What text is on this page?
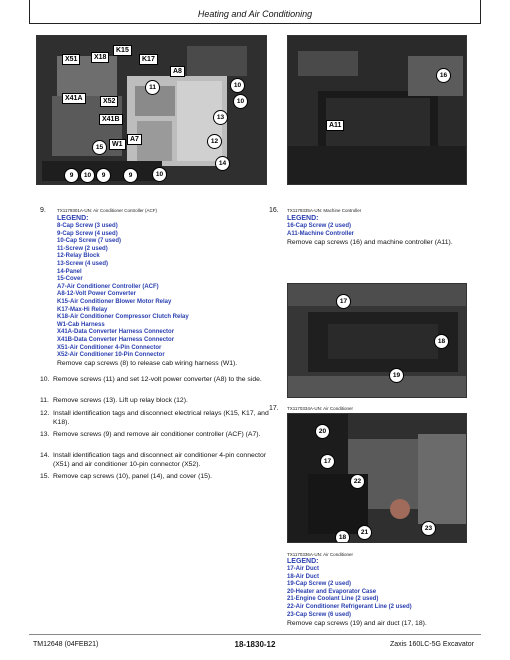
Heating and Air Conditioning
X51	X18
K15
K17
A8
X41A	X52
X41B
W1
A7
11	10
10
13
12
15
14
9	10	9	9	10
9. TX1179301A-UN: Air Conditioner Controller (ACF)
LEGEND:
8-Cap Screw (3 used)
9-Cap Screw (4 used)
10-Cap Screw (7 used)
11-Screw (2 used)
12-Relay Block
13-Screw (4 used)
14-Panel
15-Cover
A7-Air Conditioner Controller (ACF)
A8-12-Volt Power Converter
K15-Air Conditioner Blower Motor Relay
K17-Max-Hi Relay
K18-Air Conditioner Compressor Clutch Relay
W1-Cab Harness
X41A-Data Converter Harness Connector
X41B-Data Converter Harness Connector
X51-Air Conditioner 4-Pin Connector
X52-Air Conditioner 10-Pin Connector
Remove cap screws (8) to release cab wiring harness (W1).
10. Remove screws (11) and set 12-volt power converter (A8) to the side.
11. Remove screws (13). Lift up relay block (12).
12. Install identification tags and disconnect electrical relays (K15, K17, and K18).
13. Remove screws (9) and remove air conditioner controller (ACF) (A7).
14. Install identification tags and disconnect air conditioner 4-pin connector (X51) and air conditioner 10-pin connector (X52).
15. Remove cap screws (10), panel (14), and cover (15).
16
A11
16. TX1179335A-UN: Machine Controller
LEGEND:
16-Cap Screw (2 used)
A11-Machine Controller
Remove cap screws (16) and machine controller (A11).
17
18
19
17. TX1170334A-UN: Air Conditioner
20
17
22
21
23
18
TX1170336A-UN: Air Conditioner
LEGEND:
17-Air Duct
18-Air Duct
19-Cap Screw (2 used)
20-Heater and Evaporator Case
21-Engine Coolant Line (2 used)
22-Air Conditioner Refrigerant Line (2 used)
23-Cap Screw (6 used)
Remove cap screws (19) and air duct (17, 18).
TM12648 (04FEB21)	18-1830-12	Zaxis 160LC-5G Excavator
